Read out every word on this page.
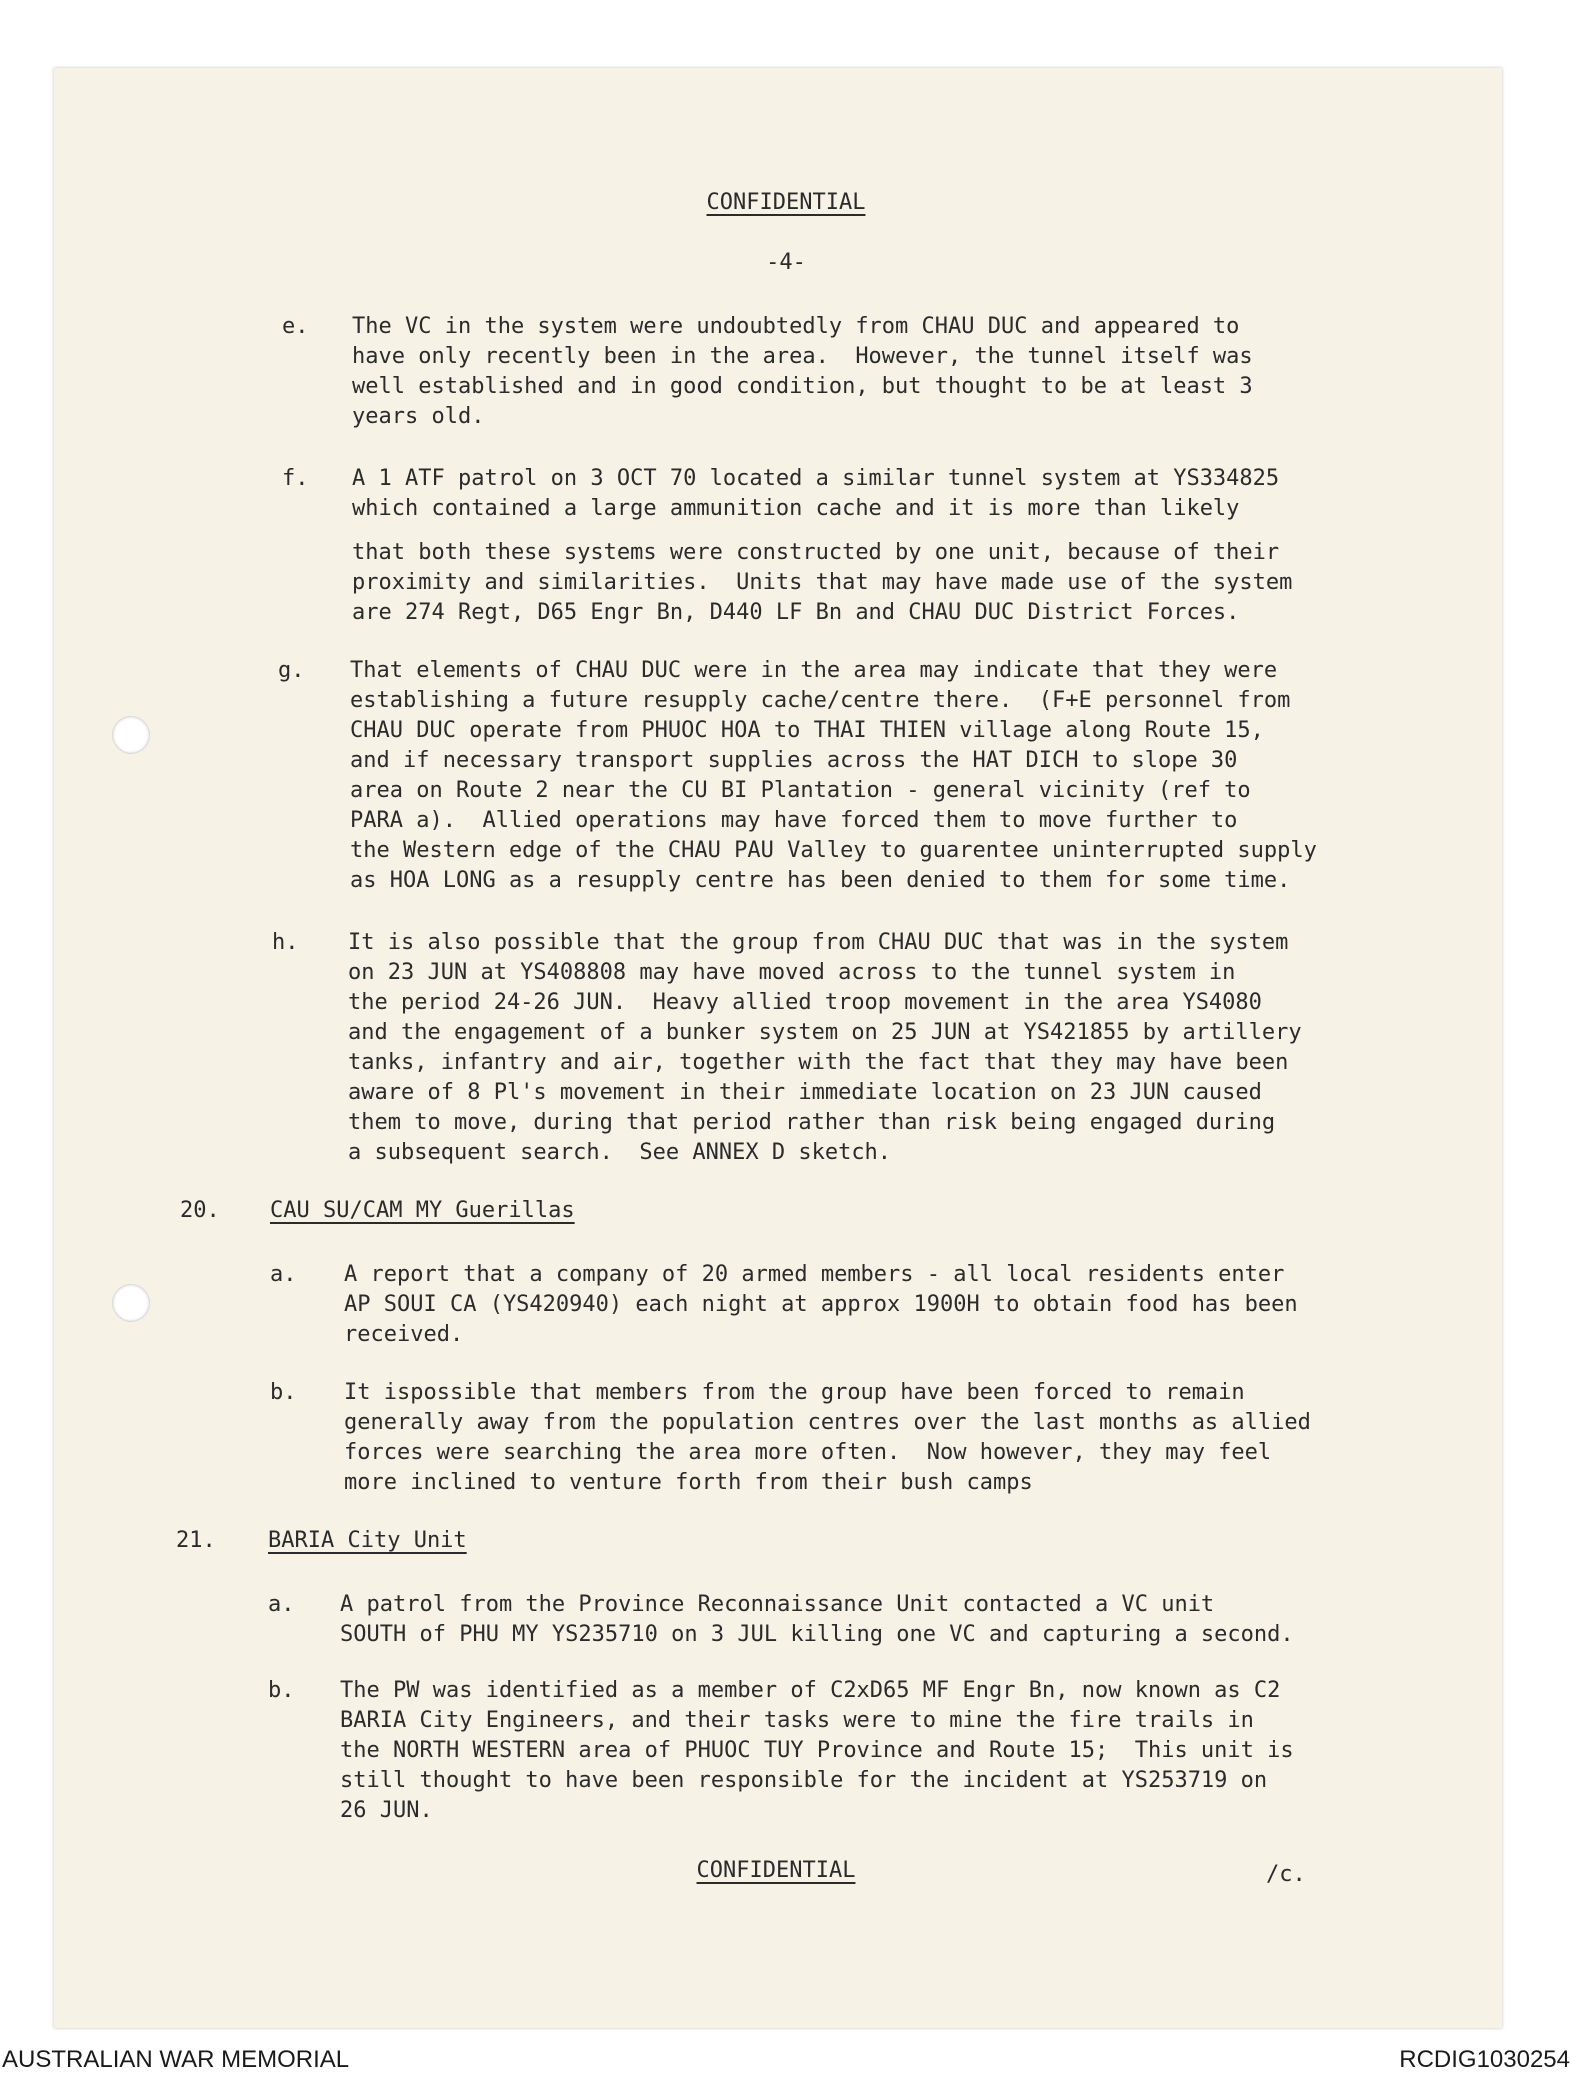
CONFIDENTIAL
-4-
e. The VC in the system were undoubtedly from CHAU DUC and appeared to
have only recently been in the area.  However, the tunnel itself was
well established and in good condition, but thought to be at least 3
years old.
f. A 1 ATF patrol on 3 OCT 70 located a similar tunnel system at YS334825
which contained a large ammunition cache and it is more than likely
that both these systems were constructed by one unit, because of their
proximity and similarities.  Units that may have made use of the system
are 274 Regt, D65 Engr Bn, D440 LF Bn and CHAU DUC District Forces.
g. That elements of CHAU DUC were in the area may indicate that they were
establishing a future resupply cache/centre there.  (F+E personnel from
CHAU DUC operate from PHUOC HOA to THAI THIEN village along Route 15,
and if necessary transport supplies across the HAT DICH to slope 30
area on Route 2 near the CU BI Plantation - general vicinity (ref to
PARA a).  Allied operations may have forced them to move further to
the Western edge of the CHAU PAU Valley to guarentee uninterrupted supply
as HOA LONG as a resupply centre has been denied to them for some time.
h. It is also possible that the group from CHAU DUC that was in the system
on 23 JUN at YS408808 may have moved across to the tunnel system in
the period 24-26 JUN.  Heavy allied troop movement in the area YS4080
and the engagement of a bunker system on 25 JUN at YS421855 by artillery
tanks, infantry and air, together with the fact that they may have been
aware of 8 Pl's movement in their immediate location on 23 JUN caused
them to move, during that period rather than risk being engaged during
a subsequent search.  See ANNEX D sketch.
20. CAU SU/CAM MY Guerillas
a. A report that a company of 20 armed members - all local residents enter
AP SOUI CA (YS420940) each night at approx 1900H to obtain food has been
received.
b. It ispossible that members from the group have been forced to remain
generally away from the population centres over the last months as allied
forces were searching the area more often.  Now however, they may feel
more inclined to venture forth from their bush camps
21. BARIA City Unit
a. A patrol from the Province Reconnaissance Unit contacted a VC unit
SOUTH of PHU MY YS235710 on 3 JUL killing one VC and capturing a second.
b. The PW was identified as a member of C2xD65 MF Engr Bn, now known as C2
BARIA City Engineers, and their tasks were to mine the fire trails in
the NORTH WESTERN area of PHUOC TUY Province and Route 15;  This unit is
still thought to have been responsible for the incident at YS253719 on
26 JUN.
CONFIDENTIAL	/c.
AUSTRALIAN WAR MEMORIAL	RCDIG1030254
